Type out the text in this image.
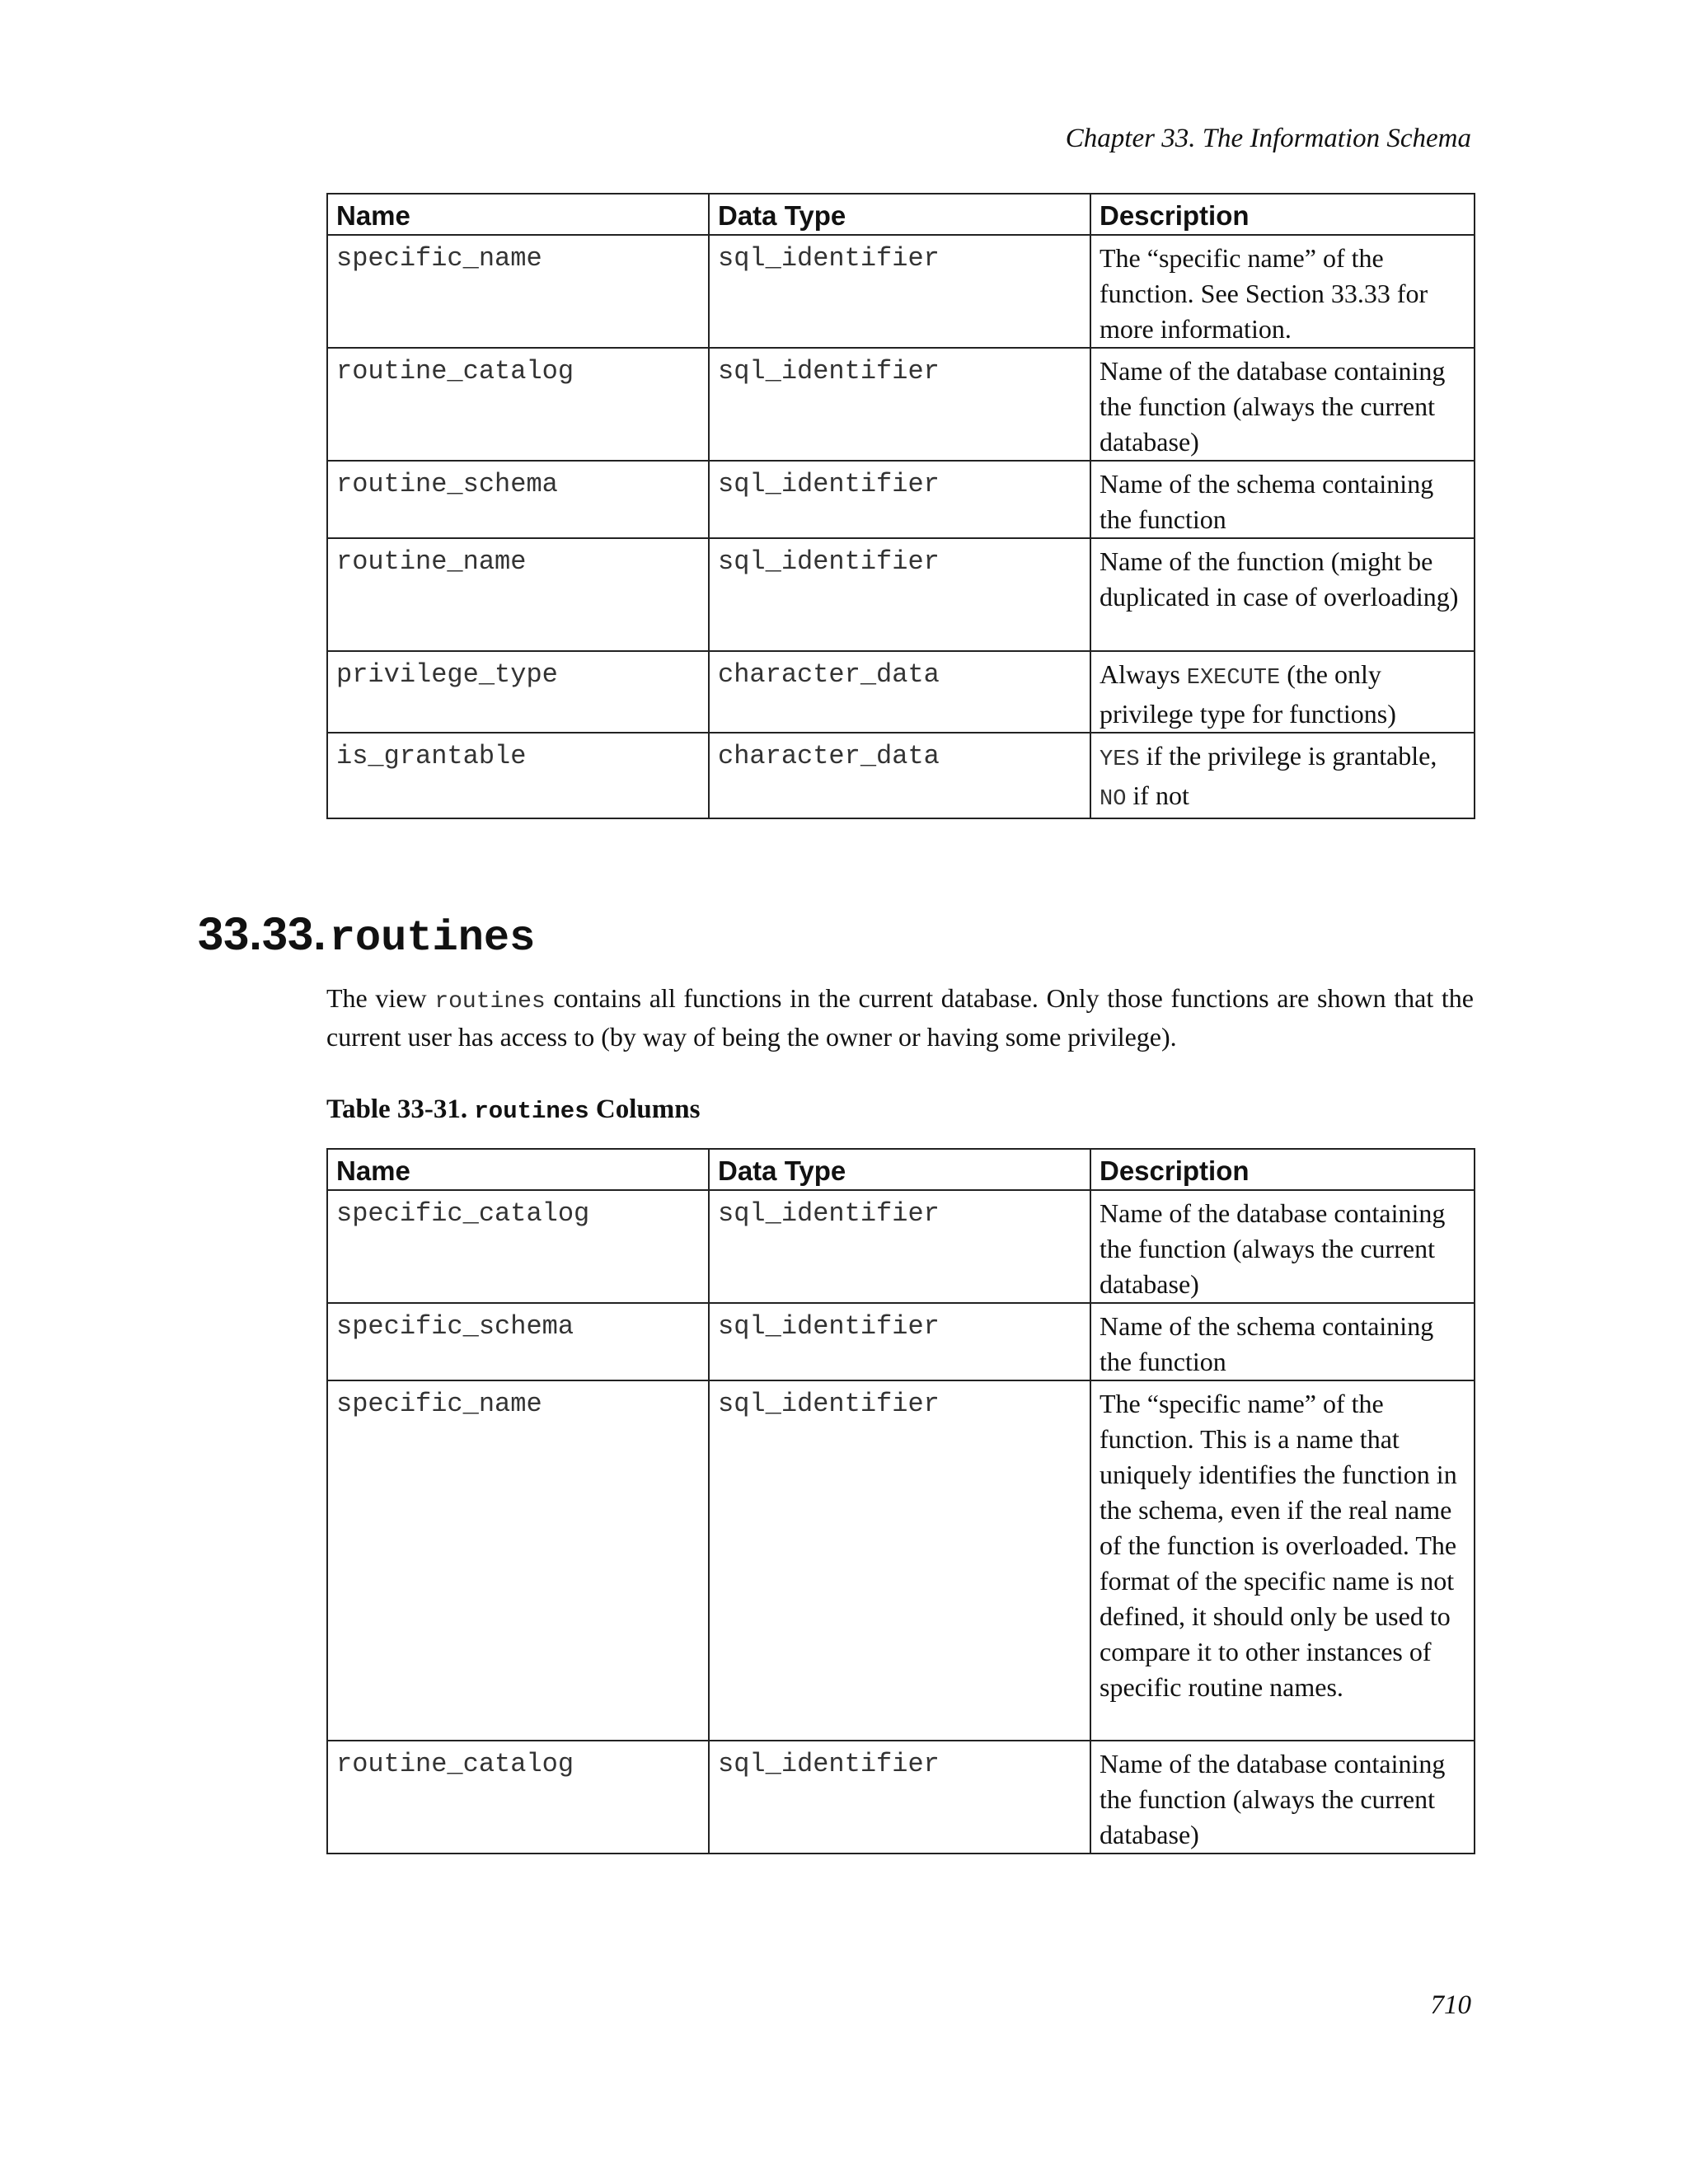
Chapter 33. The Information Schema
Name	Data Type	Description
specific_name	sql_identifier	The “specific name” of the function. See Section 33.33 for more information.
routine_catalog	sql_identifier	Name of the database containing the function (always the current database)
routine_schema	sql_identifier	Name of the schema containing the function
routine_name	sql_identifier	Name of the function (might be duplicated in case of overloading)
privilege_type	character_data	Always EXECUTE (the only privilege type for functions)
is_grantable	character_data	YES if the privilege is grantable, NO if not
33.33. routines
The view routines contains all functions in the current database. Only those functions are shown that the current user has access to (by way of being the owner or having some privilege).
Table 33-31. routines Columns
Name	Data Type	Description
specific_catalog	sql_identifier	Name of the database containing the function (always the current database)
specific_schema	sql_identifier	Name of the schema containing the function
specific_name	sql_identifier	The “specific name” of the function. This is a name that uniquely identifies the function in the schema, even if the real name of the function is overloaded. The format of the specific name is not defined, it should only be used to compare it to other instances of specific routine names.
routine_catalog	sql_identifier	Name of the database containing the function (always the current database)
710
